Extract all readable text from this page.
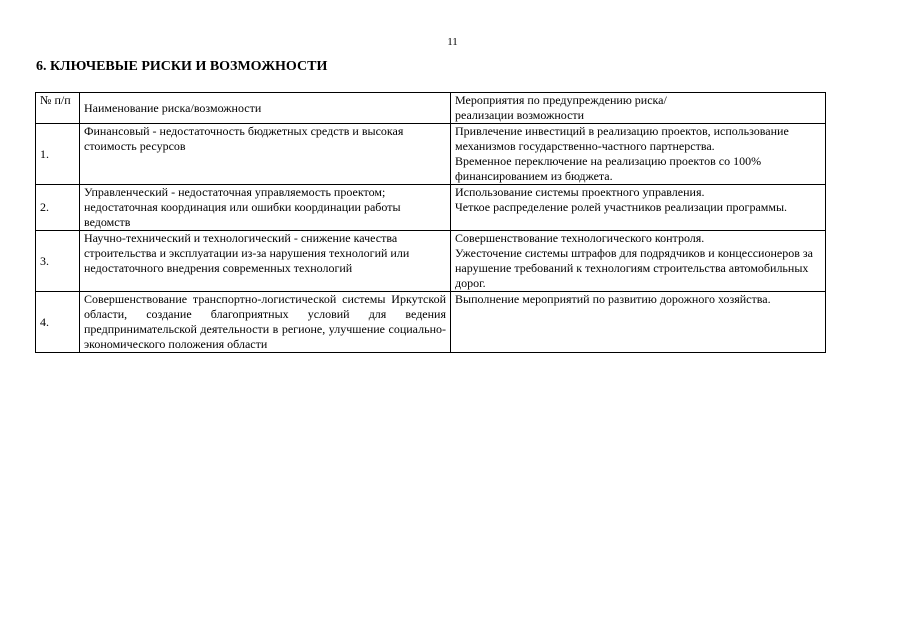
11
6. КЛЮЧЕВЫЕ РИСКИ И ВОЗМОЖНОСТИ
№ п/п	Наименование риска/возможности	Мероприятия по предупреждению риска/
реализации возможности

1.	Финансовый - недостаточность бюджетных средств и высокая стоимость ресурсов	Привлечение инвестиций в реализацию проектов, использование механизмов государственно-частного партнерства.
Временное переключение на реализацию проектов со 100% финансированием из бюджета.

2.	Управленческий - недостаточная управляемость проектом; недостаточная координация или ошибки координации работы ведомств	Использование системы проектного управления.
Четкое распределение ролей участников реализации программы.

3.	Научно-технический и технологический - снижение качества строительства и эксплуатации из-за нарушения технологий или недостаточного внедрения современных технологий	Совершенствование технологического контроля.
Ужесточение системы штрафов для подрядчиков и концессионеров за нарушение требований к технологиям строительства автомобильных дорог.

4.	Совершенствование транспортно-логистической системы Иркутской области, создание благоприятных условий для ведения предпринимательской деятельности в регионе, улучшение социально-экономического положения области	Выполнение мероприятий по развитию дорожного хозяйства.
